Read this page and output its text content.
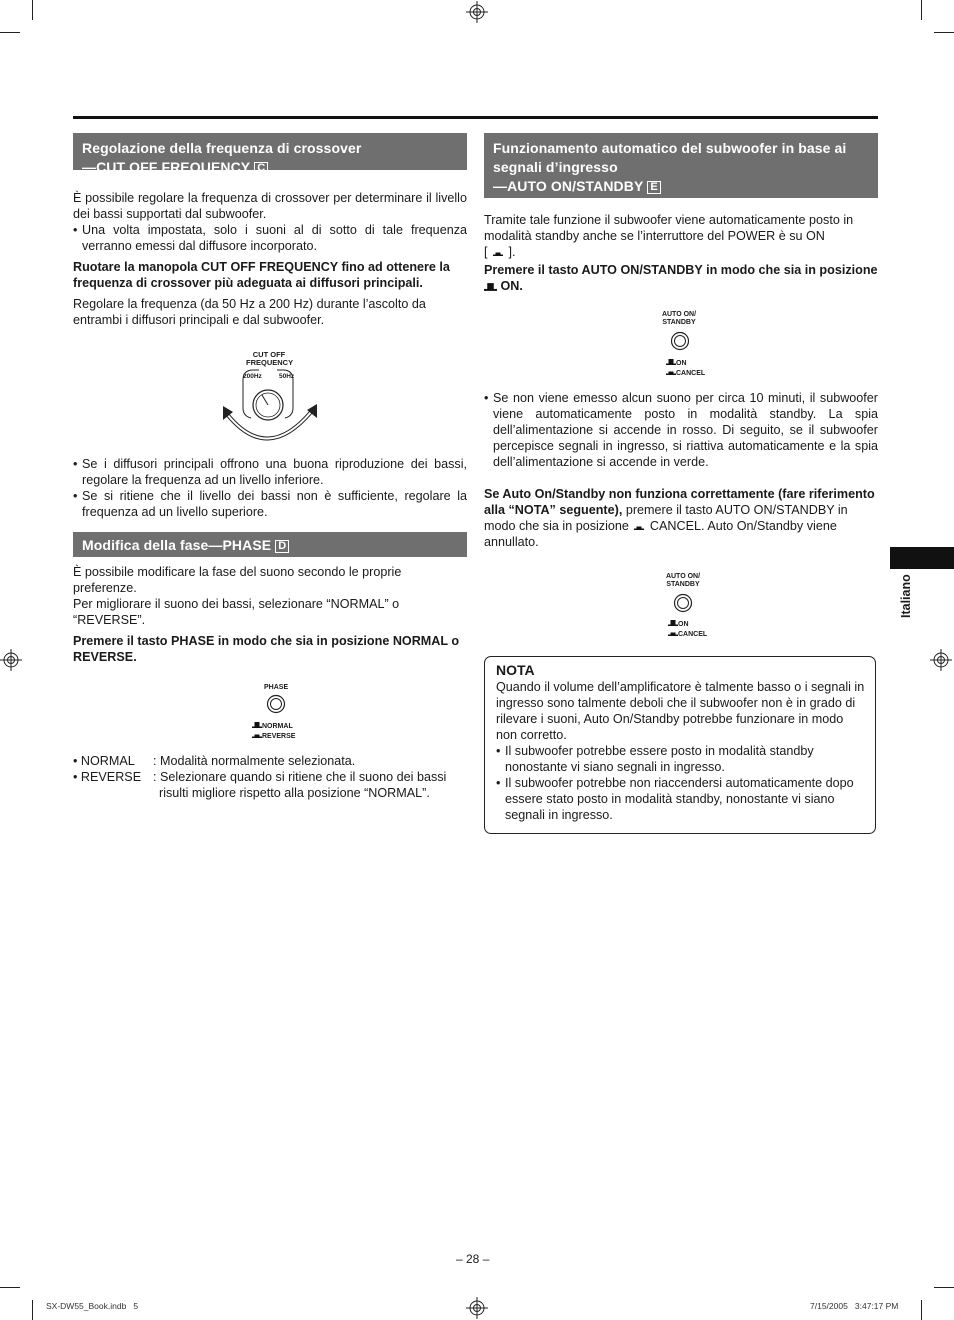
Regolazione della frequenza di crossover
—CUT OFF FREQUENCY C

È possibile regolare la frequenza di crossover per determinare il livello dei bassi supportati dal subwoofer.

• Una volta impostata, solo i suoni al di sotto di tale frequenza verranno emessi dal diffusore incorporato.

Ruotare la manopola CUT OFF FREQUENCY fino ad ottenere la frequenza di crossover più adeguata ai diffusori principali.

Regolare la frequenza (da 50 Hz a 200 Hz) durante l’ascolto da entrambi i diffusori principali e dal subwoofer.

CUT OFF FREQUENCY
200Hz	50Hz
• Se i diffusori principali offrono una buona riproduzione dei bassi, regolare la frequenza ad un livello inferiore.
• Se si ritiene che il livello dei bassi non è sufficiente, regolare la frequenza ad un livello superiore.
Modifica della fase—PHASE D

È possibile modificare la fase del suono secondo le proprie preferenze.

Per migliorare il suono dei bassi, selezionare “NORMAL” o “REVERSE”.

Premere il tasto PHASE in modo che sia in posizione NORMAL o REVERSE.

PHASE
NORMAL
REVERSE
• NORMAL	: Modalità normalmente selezionata.
• REVERSE : Selezionare quando si ritiene che il suono dei bassi risulti migliore rispetto alla posizione “NORMAL”.
Funzionamento automatico del subwoofer in base ai
segnali d’ingresso
—AUTO ON/STANDBY E

Tramite tale funzione il subwoofer viene automaticamente posto in modalità standby anche se l’interruttore del POWER è su ON
[ ].

Premere il tasto AUTO ON/STANDBY in modo che sia in posizione  ON.

AUTO ON/ STANDBY
ON
CANCEL
• Se non viene emesso alcun suono per circa 10 minuti, il subwoofer viene automaticamente posto in modalità standby. La spia dell’alimentazione si accende in rosso. Di seguito, se il subwoofer percepisce segnali in ingresso, si riattiva automaticamente e la spia dell’alimentazione si accende in verde.

Se Auto On/Standby non funziona correttamente (fare riferimento alla “NOTA” seguente), premere il tasto AUTO ON/STANDBY in modo che sia in posizione CANCEL. Auto On/Standby viene annullato.

AUTO ON/ STANDBY
ON
CANCEL
NOTA

Quando il volume dell’amplificatore è talmente basso o i segnali in ingresso sono talmente deboli che il subwoofer non è in grado di rilevare i suoni, Auto On/Standby potrebbe funzionare in modo non corretto.

• Il subwoofer potrebbe essere posto in modalità standby nonostante vi siano segnali in ingresso.
• Il subwoofer potrebbe non riaccendersi automaticamente dopo essere stato posto in modalità standby, nonostante vi siano segnali in ingresso.
Italiano
– 28 –
SX-DW55_Book.indb   5	7/15/2005   3:47:17 PM
